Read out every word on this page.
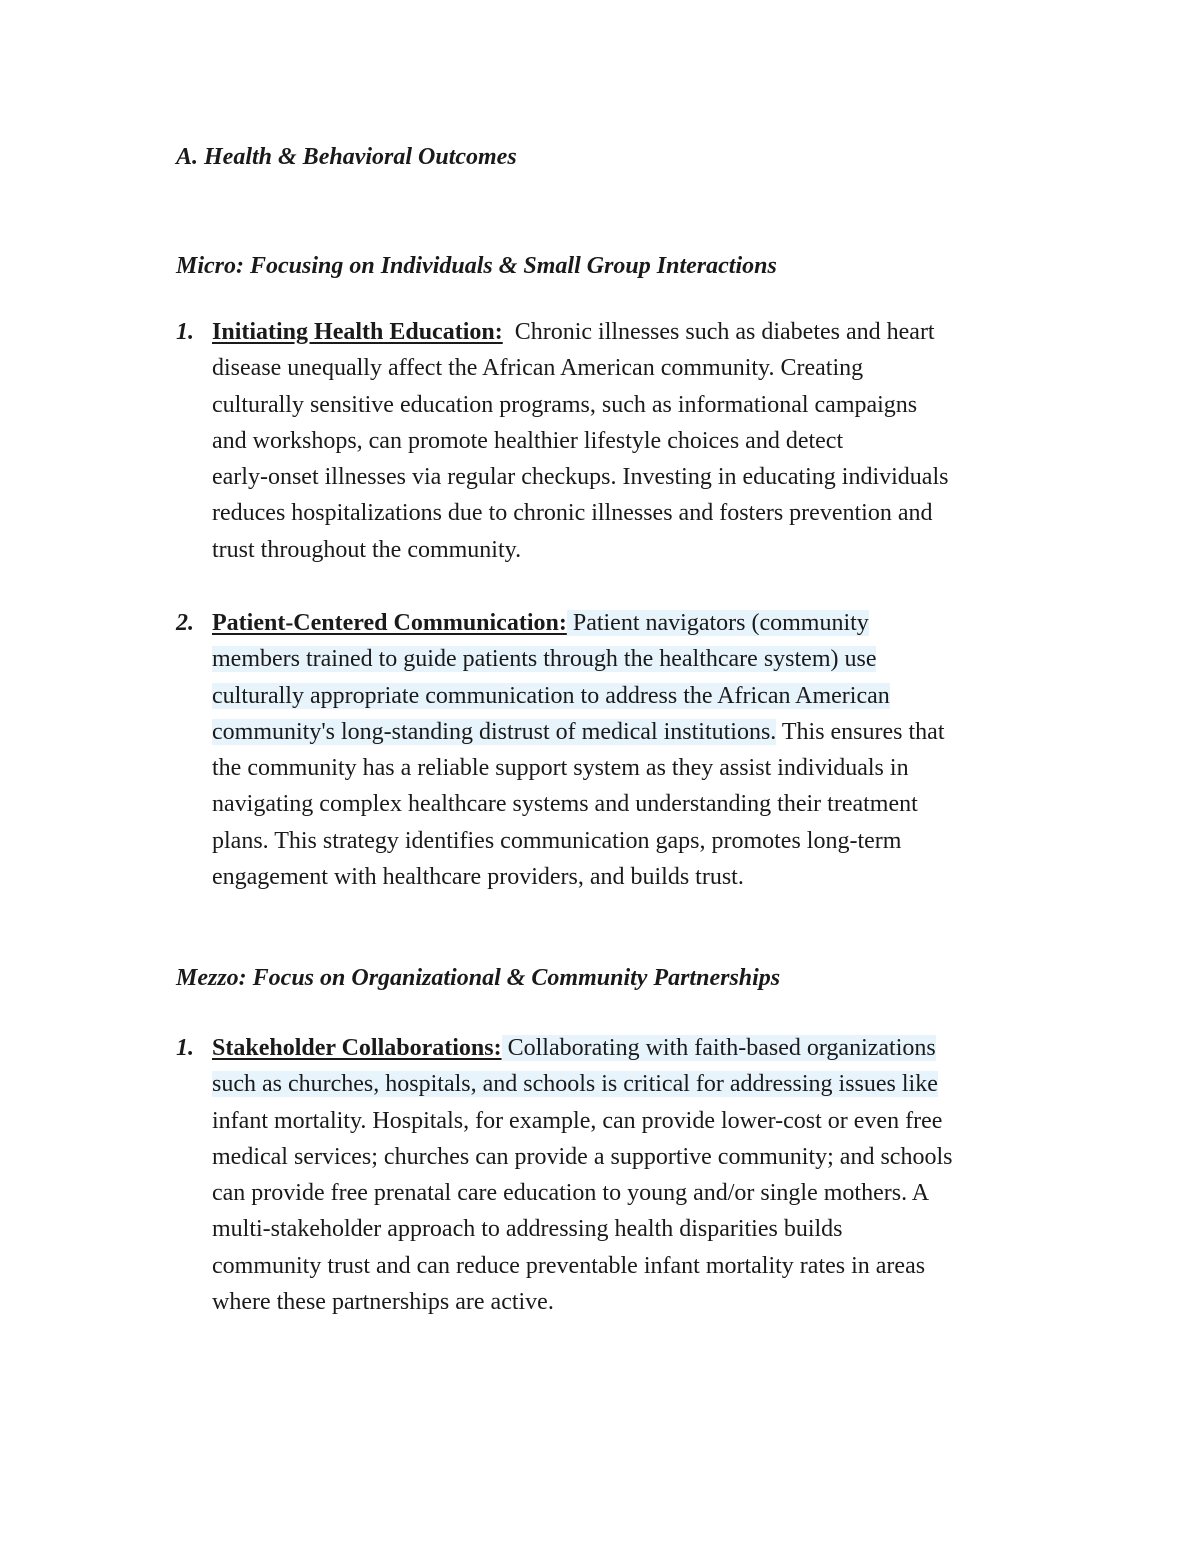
A. Health & Behavioral Outcomes
Micro: Focusing on Individuals & Small Group Interactions
1. Initiating Health Education:  Chronic illnesses such as diabetes and heart
disease unequally affect the African American community. Creating
culturally sensitive education programs, such as informational campaigns
and workshops, can promote healthier lifestyle choices and detect
early-onset illnesses via regular checkups. Investing in educating individuals
reduces hospitalizations due to chronic illnesses and fosters prevention and
trust throughout the community.
2. Patient-Centered Communication: Patient navigators (community
members trained to guide patients through the healthcare system) use
culturally appropriate communication to address the African American
community's long-standing distrust of medical institutions. This ensures that
the community has a reliable support system as they assist individuals in
navigating complex healthcare systems and understanding their treatment
plans. This strategy identifies communication gaps, promotes long-term
engagement with healthcare providers, and builds trust.
Mezzo: Focus on Organizational & Community Partnerships
1. Stakeholder Collaborations: Collaborating with faith-based organizations
such as churches, hospitals, and schools is critical for addressing issues like
infant mortality. Hospitals, for example, can provide lower-cost or even free
medical services; churches can provide a supportive community; and schools
can provide free prenatal care education to young and/or single mothers. A
multi-stakeholder approach to addressing health disparities builds
community trust and can reduce preventable infant mortality rates in areas
where these partnerships are active.
